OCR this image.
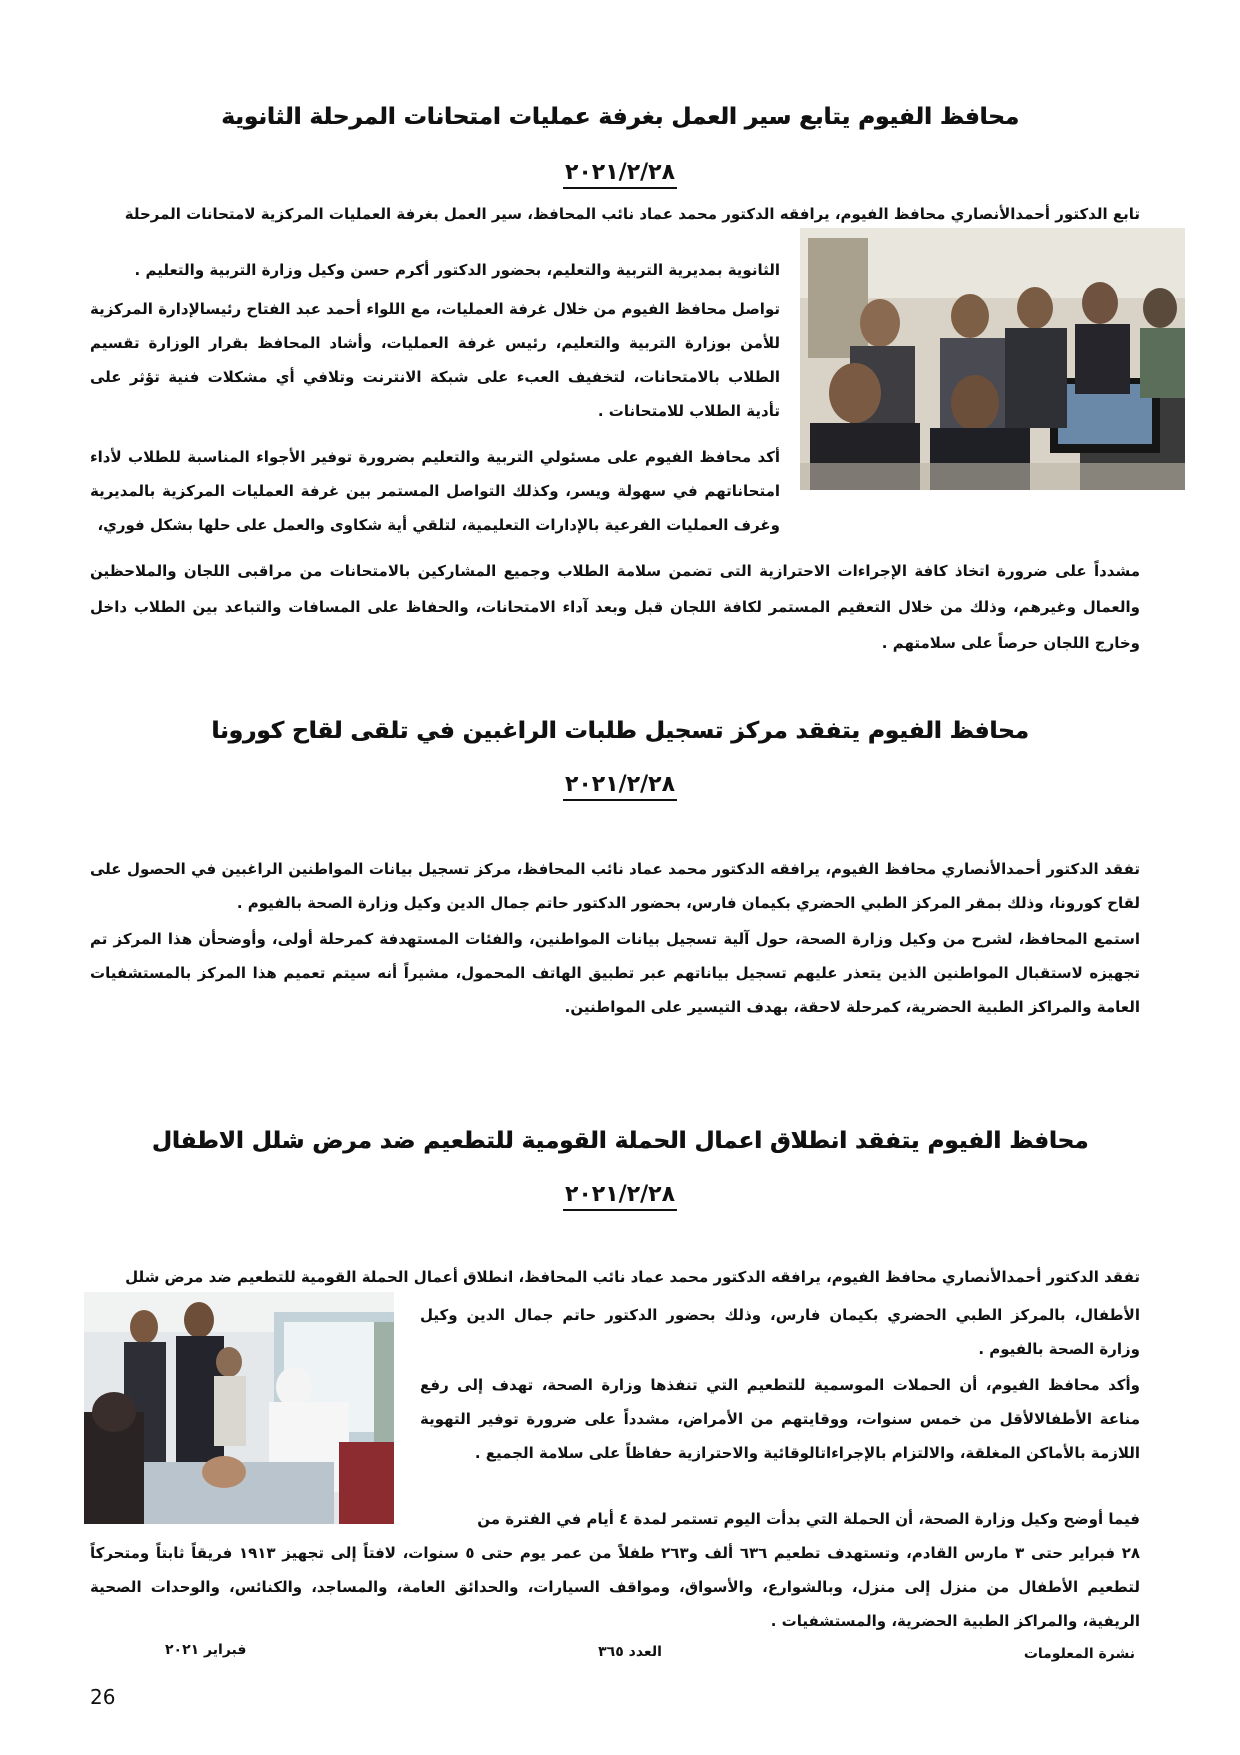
محافظ الفيوم يتابع سير العمل بغرفة عمليات امتحانات المرحلة الثانوية
٢٠٢١/٢/٢٨

تابع الدكتور أحمدالأنصاري محافظ الفيوم، يرافقه الدكتور محمد عماد نائب المحافظ، سير العمل بغرفة العمليات المركزية لامتحانات المرحلة

الثانوية بمديرية التربية والتعليم، بحضور الدكتور أكرم حسن وكيل وزارة التربية والتعليم .

تواصل محافظ الفيوم من خلال غرفة العمليات، مع اللواء أحمد عبد الفتاح رئيسالإدارة المركزية للأمن بوزارة التربية والتعليم، رئيس غرفة العمليات، وأشاد المحافظ بقرار الوزارة تقسيم الطلاب بالامتحانات، لتخفيف العبء على شبكة الانترنت وتلافي أي مشكلات فنية تؤثر على تأدية الطلاب للامتحانات .

أكد محافظ الفيوم على مسئولي التربية والتعليم بضرورة توفير الأجواء المناسبة للطلاب لأداء امتحاناتهم في سهولة ويسر، وكذلك التواصل المستمر بين غرفة العمليات المركزية بالمديرية وغرف العمليات الفرعية بالإدارات التعليمية، لتلقي أية شكاوى والعمل على حلها بشكل فوري،

مشدداً على ضرورة اتخاذ كافة الإجراءات الاحترازية التى تضمن سلامة الطلاب وجميع المشاركين بالامتحانات من مراقبى اللجان والملاحظين والعمال وغيرهم، وذلك من خلال التعقيم المستمر لكافة اللجان قبل وبعد آداء الامتحانات، والحفاظ على المسافات والتباعد بين الطلاب داخل وخارج اللجان حرصاً على سلامتهم .

محافظ الفيوم يتفقد مركز تسجيل طلبات الراغبين في تلقى لقاح كورونا
٢٠٢١/٢/٢٨

تفقد الدكتور أحمدالأنصاري محافظ الفيوم، يرافقه الدكتور محمد عماد نائب المحافظ، مركز تسجيل بيانات المواطنين الراغبين في الحصول على لقاح كورونا، وذلك بمقر المركز الطبي الحضري بكيمان فارس، بحضور الدكتور حاتم جمال الدين وكيل وزارة الصحة بالفيوم .

استمع المحافظ، لشرح من وكيل وزارة الصحة، حول آلية تسجيل بيانات المواطنين، والفئات المستهدفة كمرحلة أولى، وأوضحأن هذا المركز تم تجهيزه لاستقبال المواطنين الذين يتعذر عليهم تسجيل بياناتهم عبر تطبيق الهاتف المحمول، مشيراً أنه سيتم تعميم هذا المركز بالمستشفيات العامة والمراكز الطبية الحضرية، كمرحلة لاحقة، بهدف التيسير على المواطنين.

محافظ الفيوم يتفقد انطلاق اعمال الحملة القومية للتطعيم ضد مرض شلل الاطفال
٢٠٢١/٢/٢٨

تفقد الدكتور أحمدالأنصاري محافظ الفيوم، يرافقه الدكتور محمد عماد نائب المحافظ، انطلاق أعمال الحملة القومية للتطعيم ضد مرض شلل

الأطفال، بالمركز الطبي الحضري بكيمان فارس، وذلك بحضور الدكتور حاتم جمال الدين وكيل وزارة الصحة بالفيوم .

وأكد محافظ الفيوم، أن الحملات الموسمية للتطعيم التي تنفذها وزارة الصحة، تهدف إلى رفع مناعة الأطفالالأقل من خمس سنوات، ووقايتهم من الأمراض، مشدداً على ضرورة توفير التهوية اللازمة بالأماكن المغلقة، والالتزام بالإجراءاتالوقائية والاحترازية حفاظاً على سلامة الجميع .

فيما أوضح وكيل وزارة الصحة، أن الحملة التي بدأت اليوم تستمر لمدة ٤ أيام في الفترة من

٢٨ فبراير حتى ٣ مارس القادم، وتستهدف تطعيم ٦٣٦ ألف و٢٦٣ طفلاً من عمر يوم حتى ٥ سنوات، لافتاً إلى تجهيز ١٩١٣ فريقاً ثابتاً ومتحركاً لتطعيم الأطفال من منزل إلى منزل، وبالشوارع، والأسواق، ومواقف السيارات، والحدائق العامة، والمساجد، والكنائس، والوحدات الصحية الريفية، والمراكز الطبية الحضرية، والمستشفيات .

نشرة المعلومات
العدد ٣٦٥
فبراير ٢٠٢١
26
